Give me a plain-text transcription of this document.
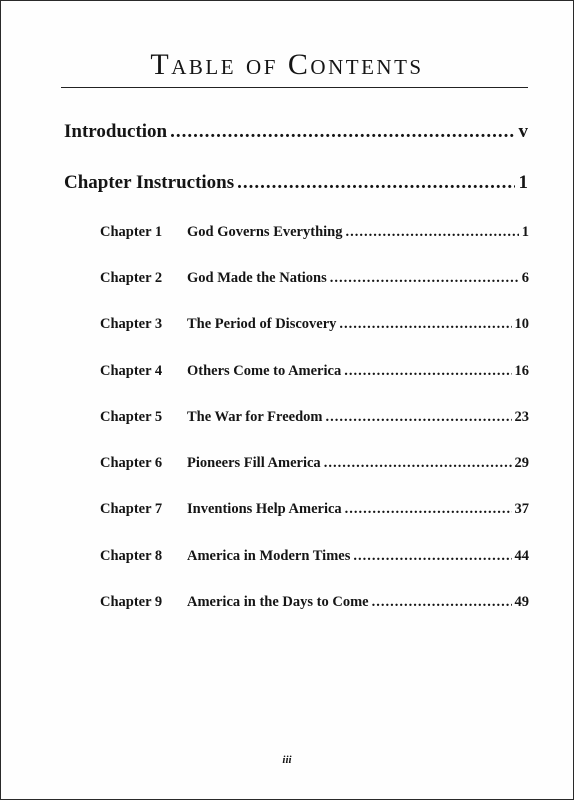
Table of Contents
Introduction .....	v
Chapter Instructions .....	1
Chapter 1	God Governs Everything .....	1
Chapter 2	God Made the Nations .....	6
Chapter 3	The Period of Discovery .....	10
Chapter 4	Others Come to America .....	16
Chapter 5	The War for Freedom .....	23
Chapter 6	Pioneers Fill America .....	29
Chapter 7	Inventions Help America .....	37
Chapter 8	America in Modern Times .....	44
Chapter 9	America in the Days to Come .....	49
iii
